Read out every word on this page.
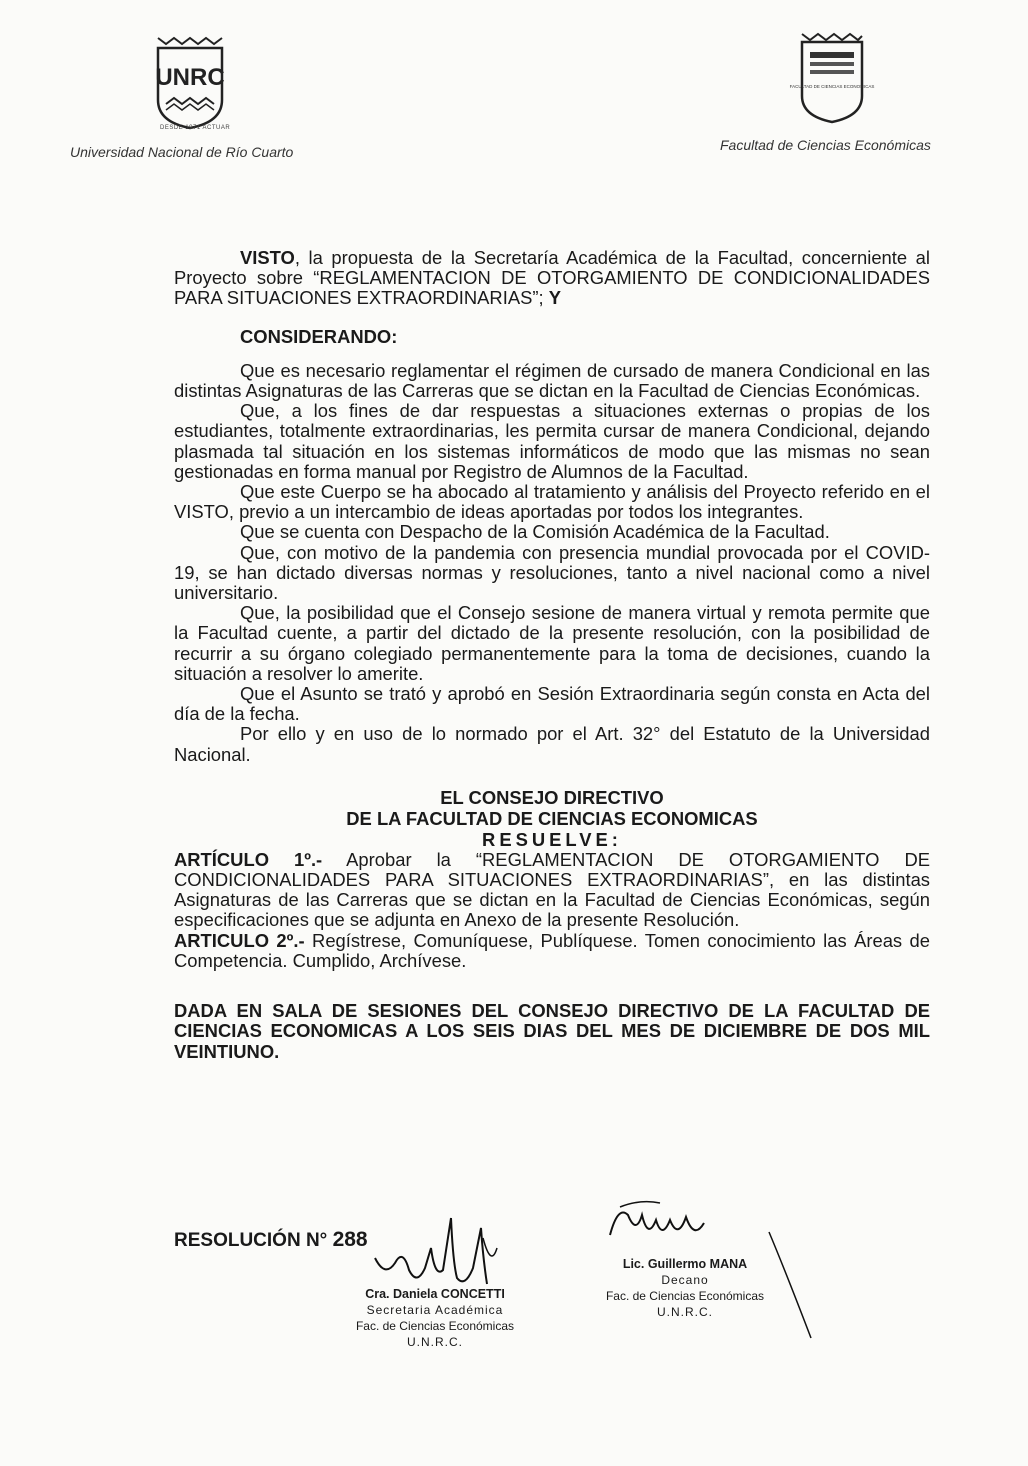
UNRC
DESDE 1971 ACTUAR
Universidad Nacional de Río Cuarto
FACULTAD DE CIENCIAS ECONOMICAS
Facultad de Ciencias Económicas

VISTO, la propuesta de la Secretaría Académica de la Facultad, concerniente al Proyecto sobre “REGLAMENTACION DE OTORGAMIENTO DE CONDICIONALIDADES PARA SITUACIONES EXTRAORDINARIAS”; Y

CONSIDERANDO:

Que es necesario reglamentar el régimen de cursado de manera Condicional en las distintas Asignaturas de las Carreras que se dictan en la Facultad de Ciencias Económicas.

Que, a los fines de dar respuestas a situaciones externas o propias de los estudiantes, totalmente extraordinarias, les permita cursar de manera Condicional, dejando plasmada tal situación en los sistemas informáticos de modo que las mismas no sean gestionadas en forma manual por Registro de Alumnos de la Facultad.

Que este Cuerpo se ha abocado al tratamiento y análisis del Proyecto referido en el VISTO, previo a un intercambio de ideas aportadas por todos los integrantes.

Que se cuenta con Despacho de la Comisión Académica de la Facultad.

Que, con motivo de la pandemia con presencia mundial provocada por el COVID-19, se han dictado diversas normas y resoluciones, tanto a nivel nacional como a nivel universitario.

Que, la posibilidad que el Consejo sesione de manera virtual y remota permite que la Facultad cuente, a partir del dictado de la presente resolución, con la posibilidad de recurrir a su órgano colegiado permanentemente para la toma de decisiones, cuando la situación a resolver lo amerite.

Que el Asunto se trató y aprobó en Sesión Extraordinaria según consta en Acta del día de la fecha.

Por ello y en uso de lo normado por el Art. 32° del Estatuto de la Universidad Nacional.

EL CONSEJO DIRECTIVO
DE LA FACULTAD DE CIENCIAS ECONOMICAS
RESUELVE:

ARTÍCULO 1º.- Aprobar la “REGLAMENTACION DE OTORGAMIENTO DE CONDICIONALIDADES PARA SITUACIONES EXTRAORDINARIAS”, en las distintas Asignaturas de las Carreras que se dictan en la Facultad de Ciencias Económicas, según especificaciones que se adjunta en Anexo de la presente Resolución.

ARTICULO 2º.- Regístrese, Comuníquese, Publíquese. Tomen conocimiento las Áreas de Competencia. Cumplido, Archívese.

DADA EN SALA DE SESIONES DEL CONSEJO DIRECTIVO DE LA FACULTAD DE CIENCIAS ECONOMICAS A LOS SEIS DIAS DEL MES DE DICIEMBRE DE DOS MIL VEINTIUNO.

RESOLUCIÓN N° 288
Cra. Daniela CONCETTI
Secretaria Académica
Fac. de Ciencias Económicas
U.N.R.C.
Lic. Guillermo MANA
Decano
Fac. de Ciencias Económicas
U.N.R.C.
